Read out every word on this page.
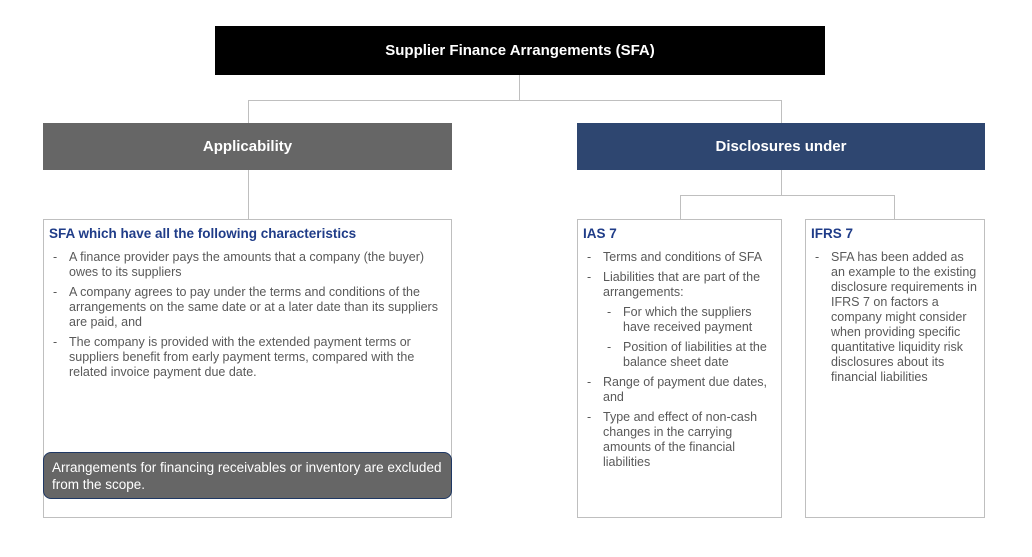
Supplier Finance Arrangements (SFA)
Applicability	Disclosures under
SFA which have all the following characteristics
- A finance provider pays the amounts that a company (the buyer) owes to its suppliers
- A company agrees to pay under the terms and conditions of the arrangements on the same date or at a later date than its suppliers are paid, and
- The company is provided with the extended payment terms or suppliers benefit from early payment terms, compared with the related invoice payment due date.
Arrangements for financing receivables or inventory are excluded from the scope.
IAS 7
- Terms and conditions of SFA
- Liabilities that are part of the arrangements:
- For which the suppliers have received payment
- Position of liabilities at the balance sheet date
- Range of payment due dates, and
- Type and effect of non-cash changes in the carrying amounts of the financial liabilities
IFRS 7
- SFA has been added as an example to the existing disclosure requirements in IFRS 7 on factors a company might consider when providing specific quantitative liquidity risk disclosures about its financial liabilities
